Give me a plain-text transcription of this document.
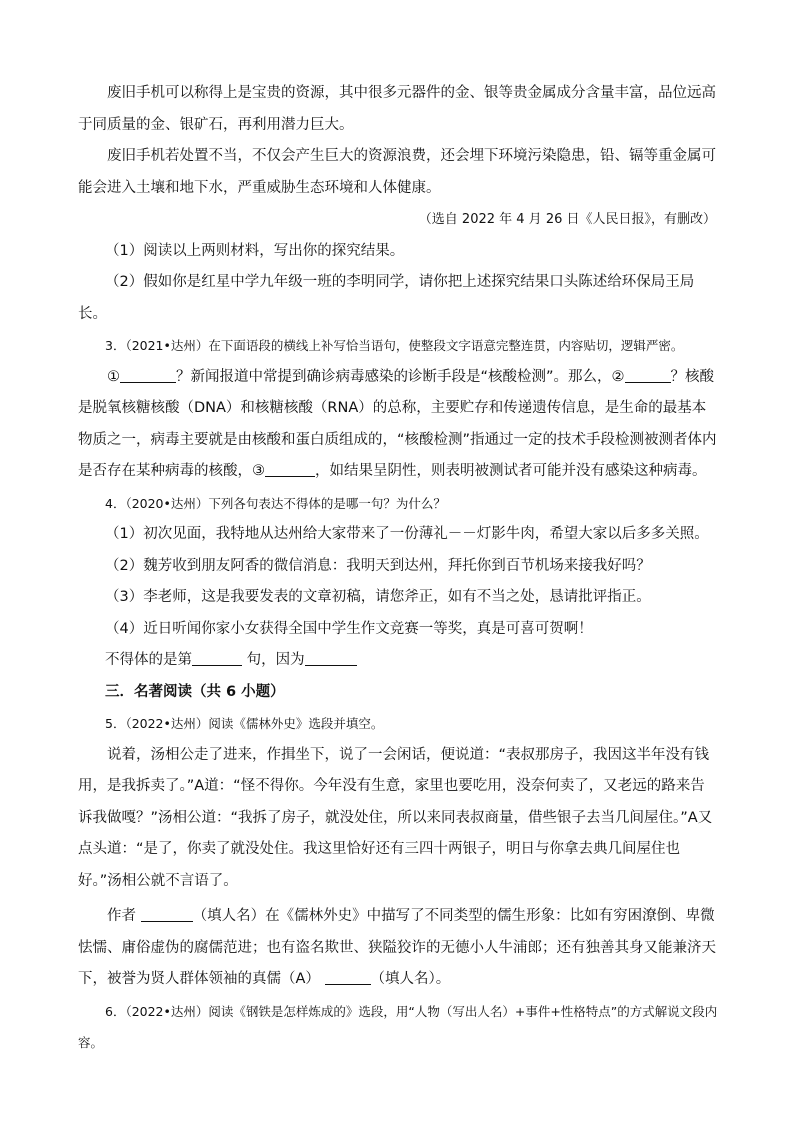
废旧手机可以称得上是宝贵的资源，其中很多元器件的金、银等贵金属成分含量丰富，品位远高于同质量的金、银矿石，再利用潜力巨大。

废旧手机若处置不当，不仅会产生巨大的资源浪费，还会埋下环境污染隐患，铅、镉等重金属可能会进入土壤和地下水，严重威胁生态环境和人体健康。

（选自 2022 年 4 月 26 日《人民日报》，有删改）

（1）阅读以上两则材料，写出你的探究结果。

（2）假如你是红星中学九年级一班的李明同学，请你把上述探究结果口头陈述给环保局王局长。

3．（2021•达州）在下面语段的横线上补写恰当语句，使整段文字语意完整连贯，内容贴切，逻辑严密。

①	？新闻报道中常提到确诊病毒感染的诊断手段是“核酸检测”。那么，②	？核酸是脱氧核糖核酸（DNA）和核糖核酸（RNA）的总称，主要贮存和传递遗传信息，是生命的最基本物质之一，病毒主要就是由核酸和蛋白质组成的，“核酸检测”指通过一定的技术手段检测被测者体内是否存在某种病毒的核酸，③	，如结果呈阴性，则表明被测试者可能并没有感染这种病毒。

4．（2020•达州）下列各句表达不得体的是哪一句？为什么？

（1）初次见面，我特地从达州给大家带来了一份薄礼－－灯影牛肉，希望大家以后多多关照。

（2）魏芳收到朋友阿香的微信消息：我明天到达州，拜托你到百节机场来接我好吗？

（3）李老师，这是我要发表的文章初稿，请您斧正，如有不当之处，恳请批评指正。

（4）近日听闻你家小女获得全国中学生作文竞赛一等奖，真是可喜可贺啊！

不得体的是第	句，因为

三．名著阅读（共 6 小题）

5．（2022•达州）阅读《儒林外史》选段并填空。

说着，汤相公走了进来，作揖坐下，说了一会闲话，便说道：“表叔那房子，我因这半年没有钱用，是我拆卖了。”A道：“怪不得你。今年没有生意，家里也要吃用，没奈何卖了，又老远的路来告诉我做嘎？”汤相公道：“我拆了房子，就没处住，所以来同表叔商量，借些银子去当几间屋住。”A又点头道：“是了，你卖了就没处住。我这里恰好还有三四十两银子，明日与你拿去典几间屋住也好。”汤相公就不言语了。

作者	（填人名）在《儒林外史》中描写了不同类型的儒生形象：比如有穷困潦倒、卑微怯懦、庸俗虚伪的腐儒范进；也有盗名欺世、狭隘狡诈的无德小人牛浦郎；还有独善其身又能兼济天下，被誉为贤人群体领袖的真儒（A）	（填人名）。

6．（2022•达州）阅读《钢铁是怎样炼成的》选段，用“人物（写出人名）+事件+性格特点”的方式解说文段内容。
